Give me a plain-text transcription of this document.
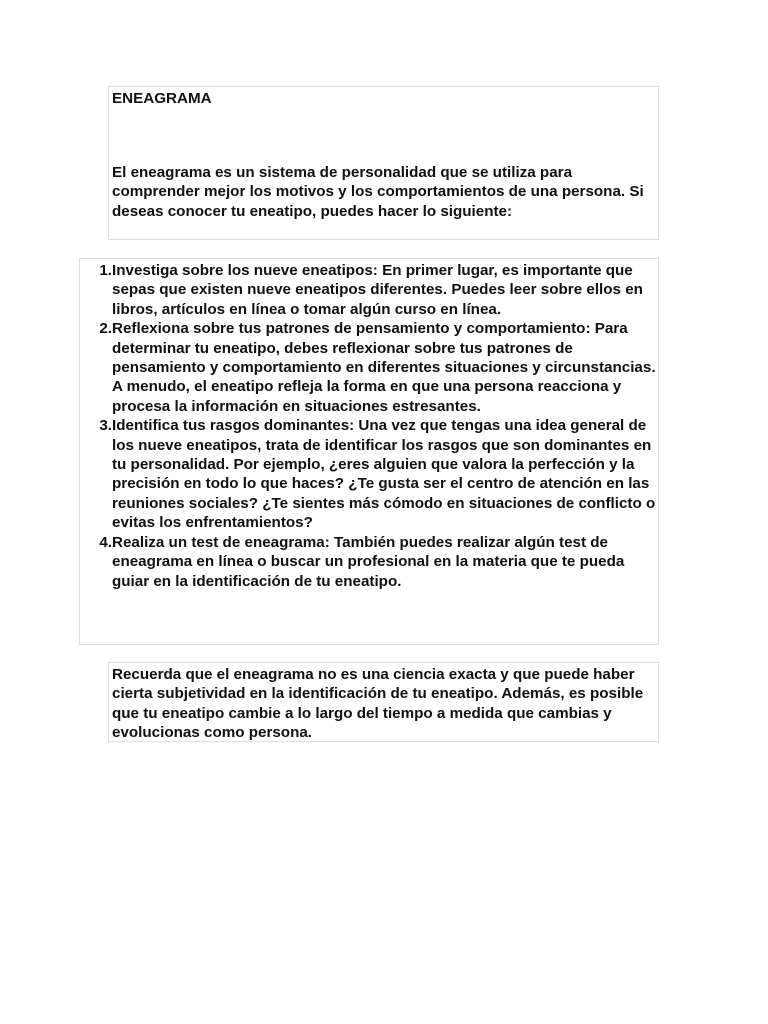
ENEAGRAMA

El eneagrama es un sistema de personalidad que se utiliza para comprender mejor los motivos y los comportamientos de una persona. Si deseas conocer tu eneatipo, puedes hacer lo siguiente:

1. Investiga sobre los nueve eneatipos: En primer lugar, es importante que sepas que existen nueve eneatipos diferentes. Puedes leer sobre ellos en libros, artículos en línea o tomar algún curso en línea.
2. Reflexiona sobre tus patrones de pensamiento y comportamiento: Para determinar tu eneatipo, debes reflexionar sobre tus patrones de pensamiento y comportamiento en diferentes situaciones y circunstancias. A menudo, el eneatipo refleja la forma en que una persona reacciona y procesa la información en situaciones estresantes.
3. Identifica tus rasgos dominantes: Una vez que tengas una idea general de los nueve eneatipos, trata de identificar los rasgos que son dominantes en tu personalidad. Por ejemplo, ¿eres alguien que valora la perfección y la precisión en todo lo que haces? ¿Te gusta ser el centro de atención en las reuniones sociales? ¿Te sientes más cómodo en situaciones de conflicto o evitas los enfrentamientos?
4. Realiza un test de eneagrama: También puedes realizar algún test de eneagrama en línea o buscar un profesional en la materia que te pueda guiar en la identificación de tu eneatipo.

Recuerda que el eneagrama no es una ciencia exacta y que puede haber cierta subjetividad en la identificación de tu eneatipo. Además, es posible que tu eneatipo cambie a lo largo del tiempo a medida que cambias y evolucionas como persona.
